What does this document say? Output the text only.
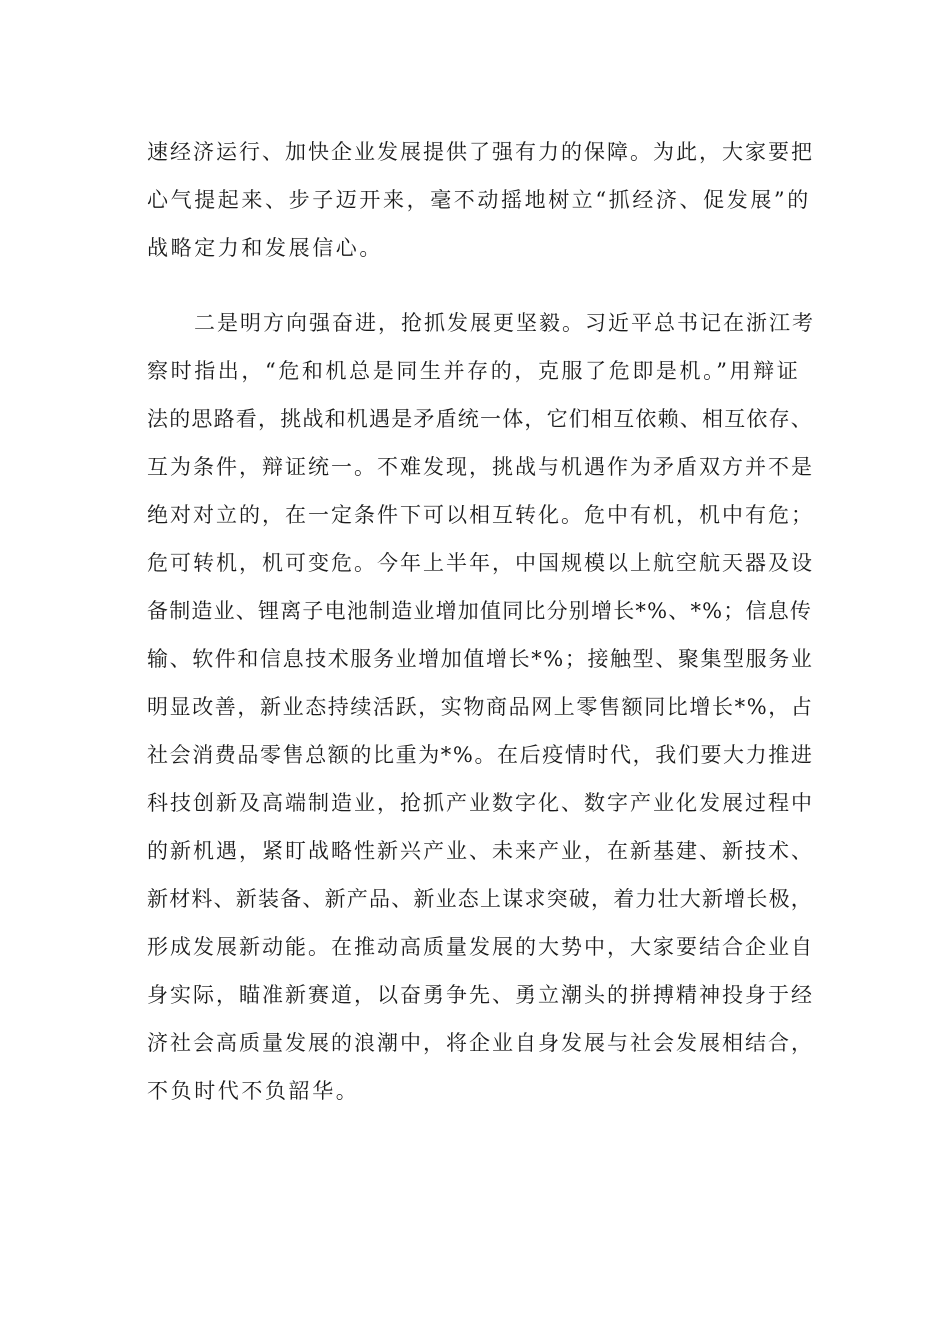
速经济运行、加快企业发展提供了强有力的保障。为此，大家要把
心气提起来、步子迈开来，毫不动摇地树立“抓经济、促发展”的
战略定力和发展信心。
二是明方向强奋进，抢抓发展更坚毅。习近平总书记在浙江考
察时指出，“危和机总是同生并存的，克服了危即是机。”用辩证
法的思路看，挑战和机遇是矛盾统一体，它们相互依赖、相互依存、
互为条件，辩证统一。不难发现，挑战与机遇作为矛盾双方并不是
绝对对立的，在一定条件下可以相互转化。危中有机，机中有危；
危可转机，机可变危。今年上半年，中国规模以上航空航天器及设
备制造业、锂离子电池制造业增加值同比分别增长*%、*%；信息传
输、软件和信息技术服务业增加值增长*%；接触型、聚集型服务业
明显改善，新业态持续活跃，实物商品网上零售额同比增长*%，占
社会消费品零售总额的比重为*%。在后疫情时代，我们要大力推进
科技创新及高端制造业，抢抓产业数字化、数字产业化发展过程中
的新机遇，紧盯战略性新兴产业、未来产业，在新基建、新技术、
新材料、新装备、新产品、新业态上谋求突破，着力壮大新增长极，
形成发展新动能。在推动高质量发展的大势中，大家要结合企业自
身实际，瞄准新赛道，以奋勇争先、勇立潮头的拼搏精神投身于经
济社会高质量发展的浪潮中，将企业自身发展与社会发展相结合，
不负时代不负韶华。
